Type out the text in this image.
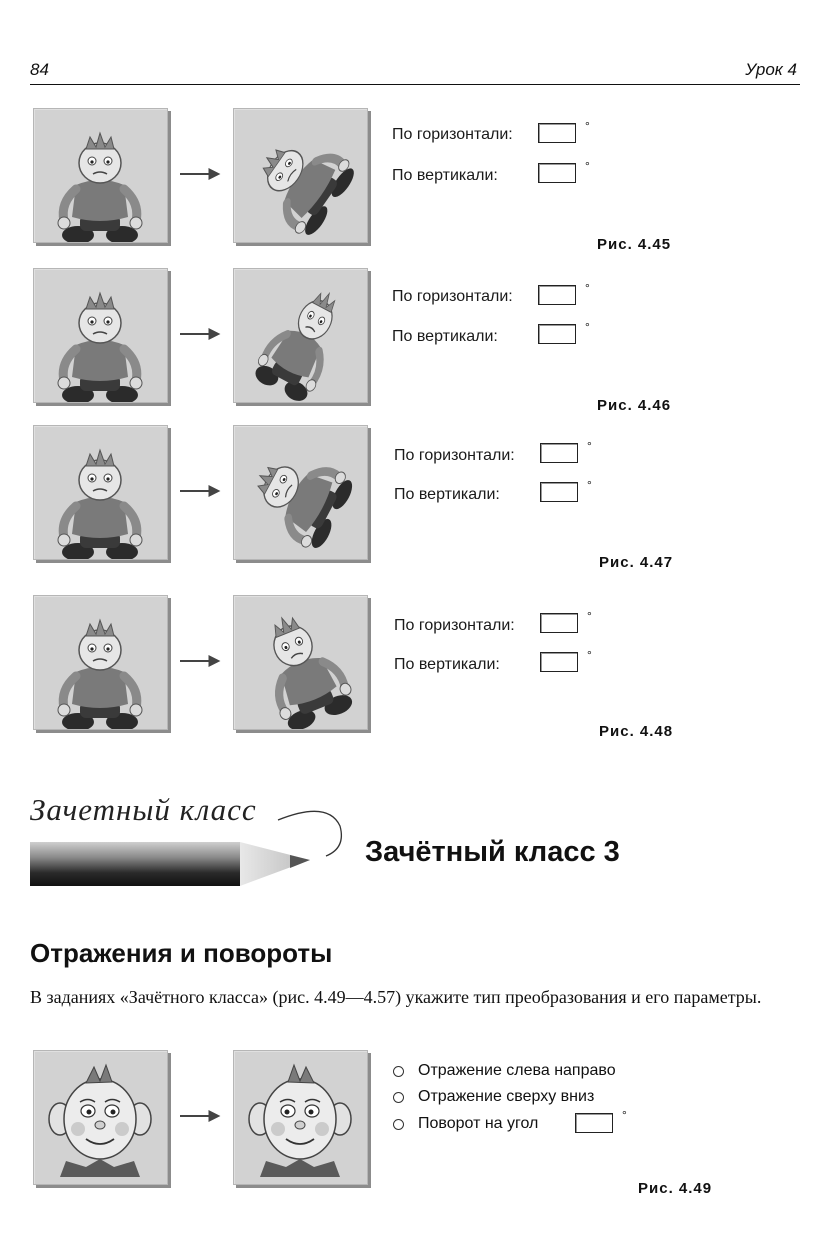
84	Урок 4
По горизонтали:	°
По вертикали:
°
Рис. 4.45
По горизонтали:	°
По вертикали:
°
Рис. 4.46
По горизонтали:
°
По вертикали:
°
Рис. 4.47
По горизонтали:
°
По вертикали:
°
Рис. 4.48
Зачетный класс
Зачётный класс 3
Отражения и повороты
В заданиях «Зачётного класса» (рис. 4.49—4.57) укажите тип преобразования и его параметры.
Отражение слева направо
Отражение сверху вниз
Поворот на угол	°
Рис. 4.49
